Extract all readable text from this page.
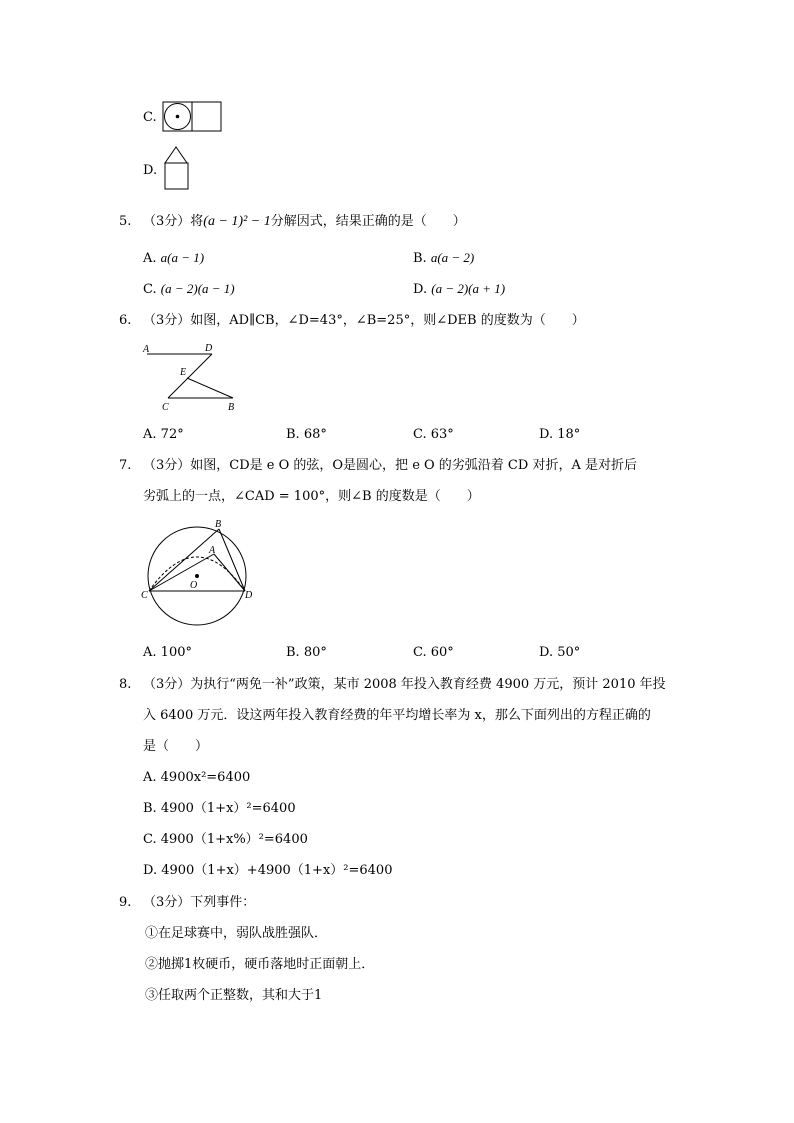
C.
D.
5. （3分）将(a − 1)² − 1分解因式，结果正确的是（　　）
A. a(a − 1)	B. a(a − 2)
C. (a − 2)(a − 1)	D. (a − 2)(a + 1)
6. （3分）如图，AD∥CB，∠D=43°，∠B=25°，则∠DEB 的度数为（　　）
A	D
E
C	B
A. 72°	B. 68°	C. 63°	D. 18°
7. （3分）如图，CD是 e O 的弦，O是圆心，把 e O 的劣弧沿着 CD 对折，A 是对折后
劣弧上的一点，∠CAD = 100°，则∠B 的度数是（　　）
B
A
O
C	D
A. 100°	B. 80°	C. 60°	D. 50°
8. （3分）为执行“两免一补”政策，某市 2008 年投入教育经费 4900 万元，预计 2010 年投
入 6400 万元．设这两年投入教育经费的年平均增长率为 x，那么下面列出的方程正确的
是（　　）
A. 4900x²=6400
B. 4900（1+x）²=6400
C. 4900（1+x%）²=6400
D. 4900（1+x）+4900（1+x）²=6400
9. （3分）下列事件：
①在足球赛中，弱队战胜强队．
②抛掷1枚硬币，硬币落地时正面朝上．
③任取两个正整数，其和大于1
